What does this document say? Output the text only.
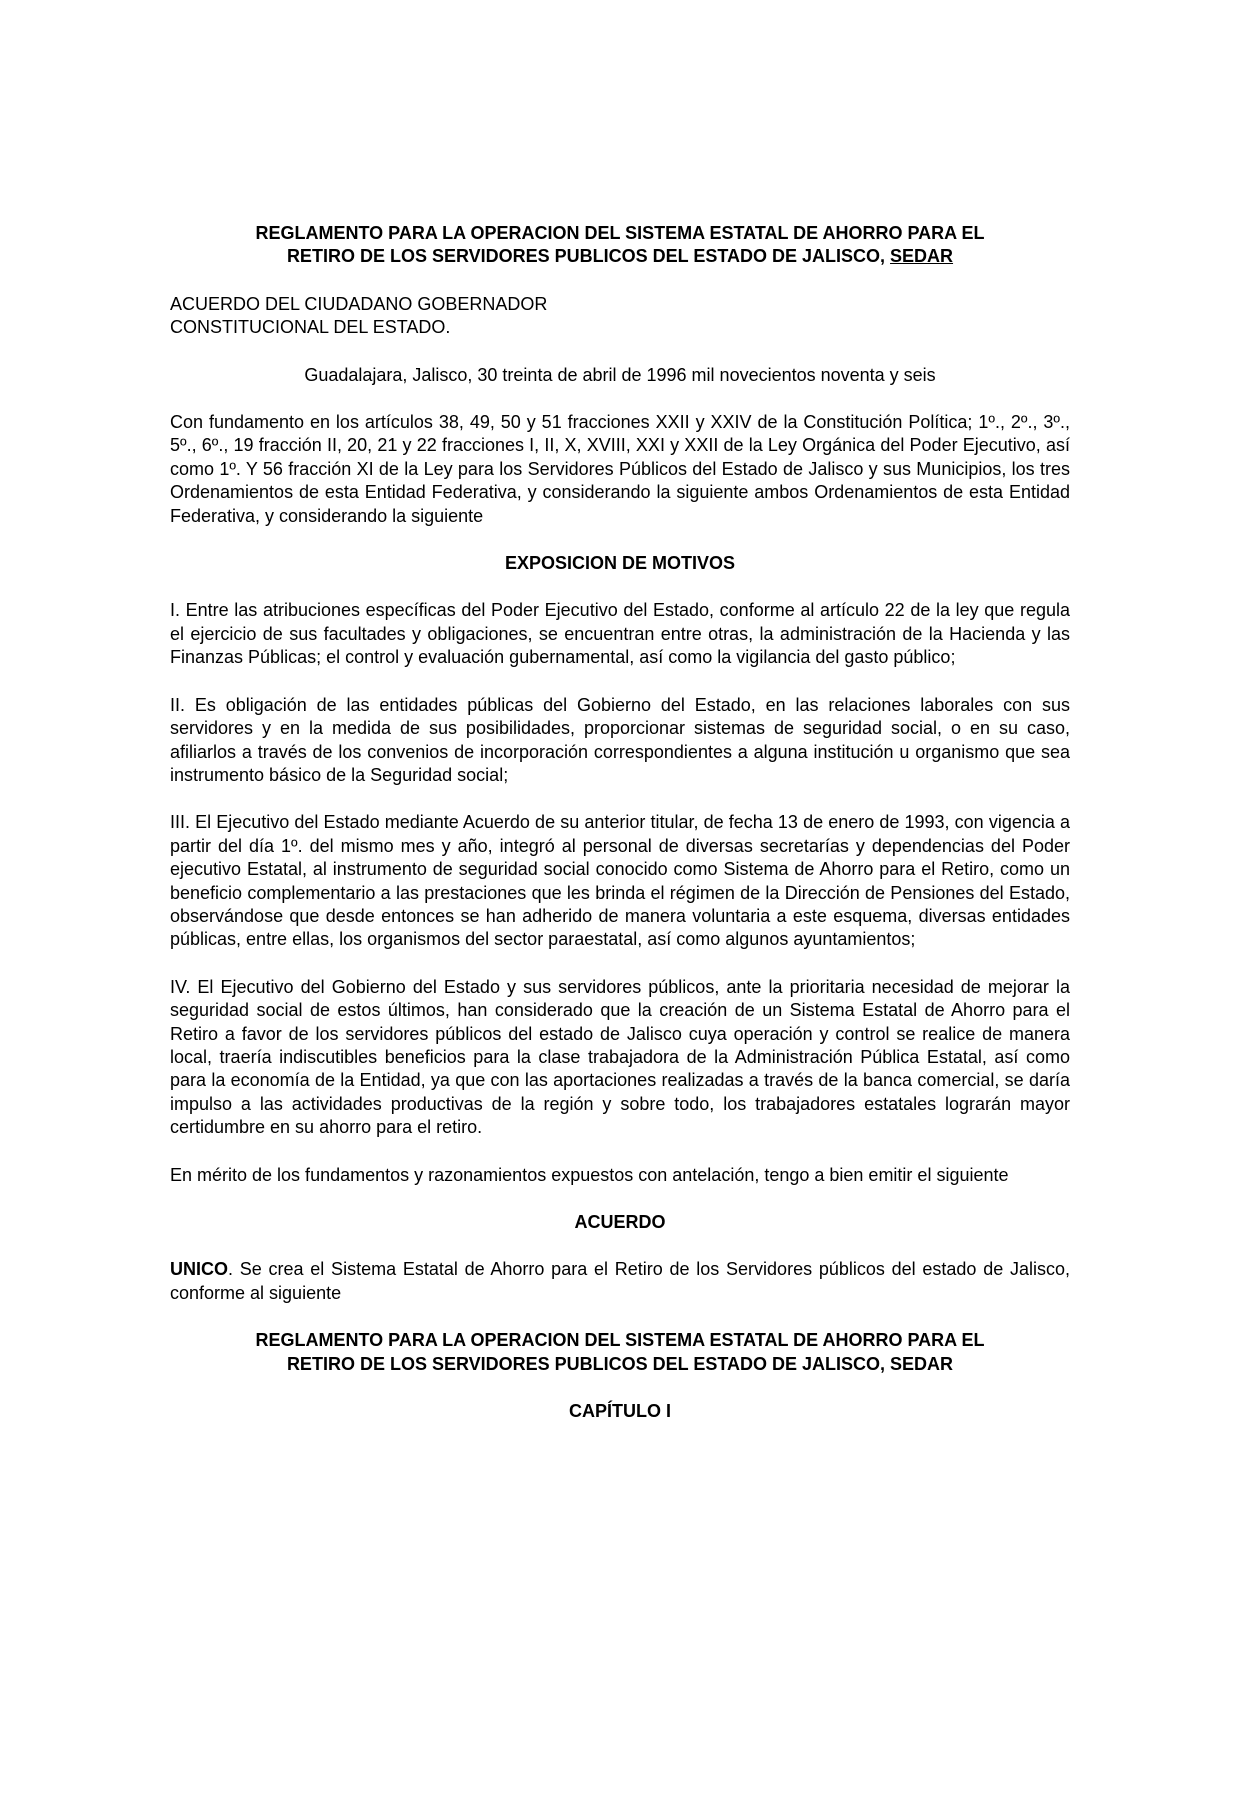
REGLAMENTO PARA LA OPERACION DEL SISTEMA ESTATAL DE AHORRO PARA EL
RETIRO DE LOS SERVIDORES PUBLICOS DEL ESTADO DE JALISCO, SEDAR

ACUERDO DEL CIUDADANO GOBERNADOR
CONSTITUCIONAL DEL ESTADO.

Guadalajara, Jalisco, 30 treinta de abril de 1996 mil novecientos noventa y seis

Con fundamento en los artículos 38, 49, 50 y 51 fracciones XXII y XXIV de la Constitución Política; 1º., 2º., 3º., 5º., 6º., 19 fracción II, 20, 21 y 22 fracciones I, II, X, XVIII, XXI y XXII de la Ley Orgánica del Poder Ejecutivo, así como 1º. Y 56 fracción XI de la Ley para los Servidores Públicos del Estado de Jalisco y sus Municipios, los tres Ordenamientos de esta Entidad Federativa, y considerando la siguiente ambos Ordenamientos de esta Entidad Federativa, y considerando la siguiente

EXPOSICION DE MOTIVOS

I. Entre las atribuciones específicas del Poder Ejecutivo del Estado, conforme al artículo 22 de la ley que regula el ejercicio de sus facultades y obligaciones, se encuentran entre otras, la administración de la Hacienda y las Finanzas Públicas; el control y evaluación gubernamental, así como la vigilancia del gasto público;

II. Es obligación de las entidades públicas del Gobierno del Estado, en las relaciones laborales con sus servidores y en la medida de sus posibilidades, proporcionar sistemas de seguridad social, o en su caso, afiliarlos a través de los convenios de incorporación correspondientes a alguna institución u organismo que sea instrumento básico de la Seguridad social;

III. El Ejecutivo del Estado mediante Acuerdo de su anterior titular, de fecha 13 de enero de 1993, con vigencia a partir del día 1º. del mismo mes y año, integró al personal de diversas secretarías y dependencias del Poder ejecutivo Estatal, al instrumento de seguridad social conocido como Sistema de Ahorro para el Retiro, como un beneficio complementario a las prestaciones que les brinda el régimen de la Dirección de Pensiones del Estado, observándose que desde entonces se han adherido de manera voluntaria a este esquema, diversas entidades públicas, entre ellas, los organismos del sector paraestatal, así como algunos ayuntamientos;

IV. El Ejecutivo del Gobierno del Estado y sus servidores públicos, ante la prioritaria necesidad de mejorar la seguridad social de estos últimos, han considerado que la creación de un Sistema Estatal de Ahorro para el Retiro a favor de los servidores públicos del estado de Jalisco cuya operación y control se realice de manera local, traería indiscutibles beneficios para la clase trabajadora de la Administración Pública Estatal, así como para la economía de la Entidad, ya que con las aportaciones realizadas a través de la banca comercial, se daría impulso a las actividades productivas de la región y sobre todo, los trabajadores estatales lograrán mayor certidumbre en su ahorro para el retiro.

En mérito de los fundamentos y razonamientos expuestos con antelación, tengo a bien emitir el siguiente

ACUERDO

UNICO. Se crea el Sistema Estatal de Ahorro para el Retiro de los Servidores públicos del estado de Jalisco, conforme al siguiente

REGLAMENTO PARA LA OPERACION DEL SISTEMA ESTATAL DE AHORRO PARA EL
RETIRO DE LOS SERVIDORES PUBLICOS DEL ESTADO DE JALISCO, SEDAR

CAPÍTULO I
